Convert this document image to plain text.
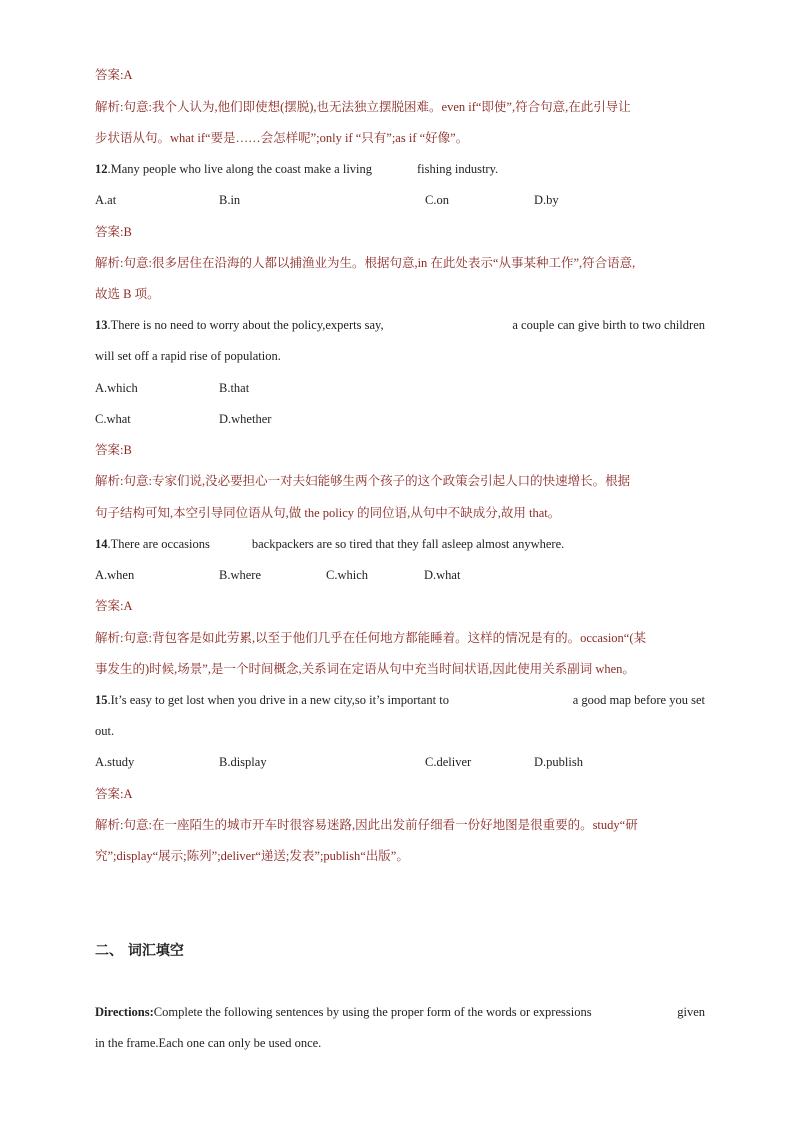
答案:A
解析:句意:我个人认为,他们即使想(摆脱),也无法独立摆脱困难。even if“即使”,符合句意,在此引导让
步状语从句。what if“要是……会怎样呢”;only if “只有”;as if “好像”。
12.Many people who live along the coast make a living	fishing industry.
A.at	B.in	C.on	D.by
答案:B
解析:句意:很多居住在沿海的人都以捕渔业为生。根据句意,in 在此处表示“从事某种工作”,符合语意,
故选 B 项。
13.There is no need to worry about the policy,experts say,	a couple can give birth to two children
will set off a rapid rise of population.
A.which	B.that
C.what	D.whether
答案:B
解析:句意:专家们说,没必要担心一对夫妇能够生两个孩子的这个政策会引起人口的快速增长。根据
句子结构可知,本空引导同位语从句,做 the policy 的同位语,从句中不缺成分,故用 that。
14.There are occasions	backpackers are so tired that they fall asleep almost anywhere.
A.when	B.where	C.which	D.what
答案:A
解析:句意:背包客是如此劳累,以至于他们几乎在任何地方都能睡着。这样的情况是有的。occasion“(某
事发生的)时候,场景”,是一个时间概念,关系词在定语从句中充当时间状语,因此使用关系副词 when。
15.It’s easy to get lost when you drive in a new city,so it’s important to	a good map before you set
out.
A.study	B.display	C.deliver	D.publish
答案:A
解析:句意:在一座陌生的城市开车时很容易迷路,因此出发前仔细看一份好地图是很重要的。study“研
究”;display“展示;陈列”;deliver“递送;发表”;publish“出版”。
二、 词汇填空
Directions:Complete the following sentences by using the proper form of the words or expressions	given
in the frame.Each one can only be used once.
